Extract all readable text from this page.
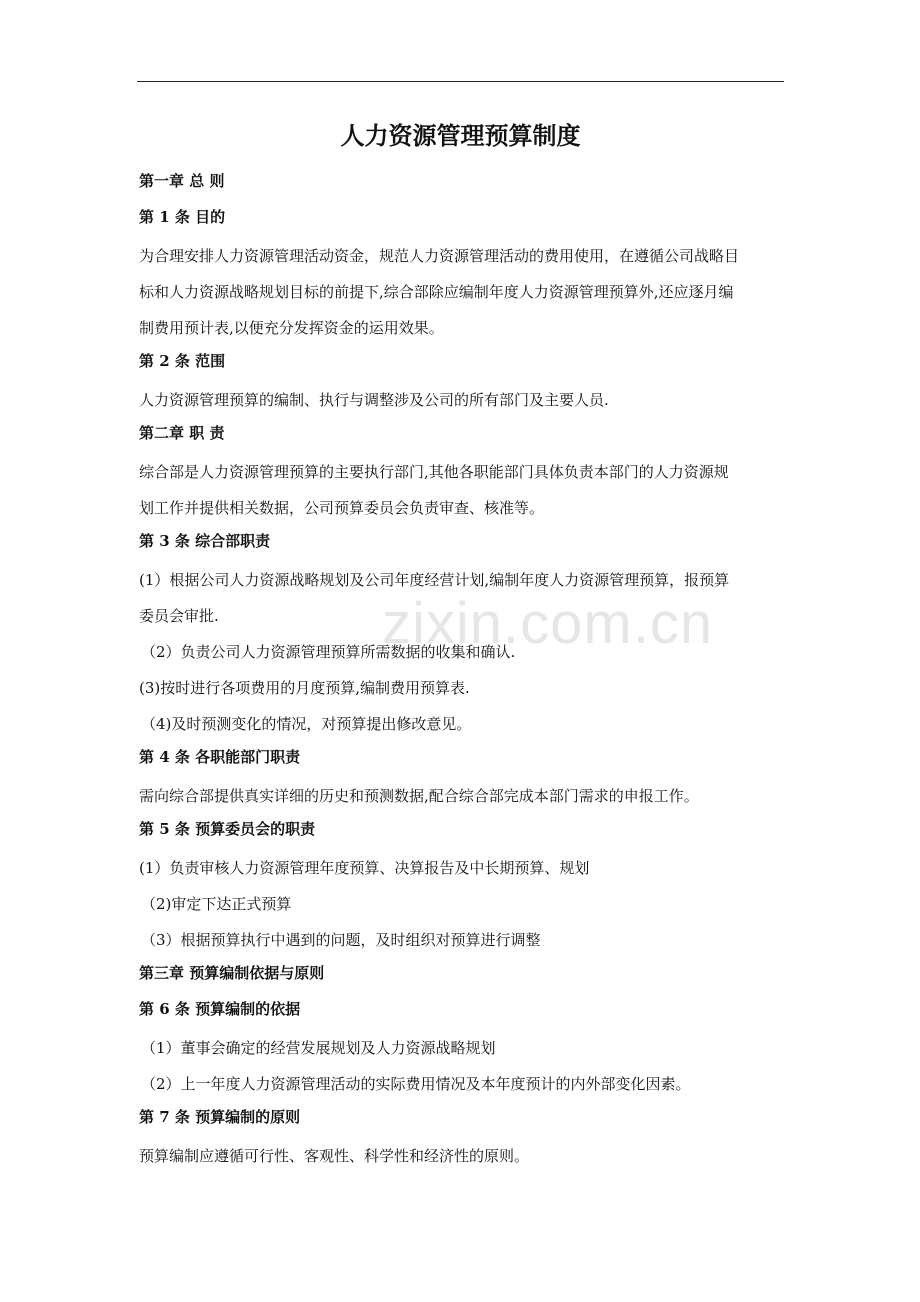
人力资源管理预算制度
第一章 总 则
第 1 条 目的
为合理安排人力资源管理活动资金，规范人力资源管理活动的费用使用，在遵循公司战略目
标和人力资源战略规划目标的前提下,综合部除应编制年度人力资源管理预算外,还应逐月编
制费用预计表,以便充分发挥资金的运用效果。
第 2 条 范围
人力资源管理预算的编制、执行与调整涉及公司的所有部门及主要人员.
第二章 职 责
综合部是人力资源管理预算的主要执行部门,其他各职能部门具体负责本部门的人力资源规
划工作并提供相关数据，公司预算委员会负责审查、核准等。
第 3 条 综合部职责
(1）根据公司人力资源战略规划及公司年度经营计划,编制年度人力资源管理预算，报预算
委员会审批.
（2）负责公司人力资源管理预算所需数据的收集和确认.
(3)按时进行各项费用的月度预算,编制费用预算表.
（4)及时预测变化的情况，对预算提出修改意见。
第 4 条 各职能部门职责
需向综合部提供真实详细的历史和预测数据,配合综合部完成本部门需求的申报工作。
第 5 条 预算委员会的职责
(1）负责审核人力资源管理年度预算、决算报告及中长期预算、规划
（2)审定下达正式预算
（3）根据预算执行中遇到的问题，及时组织对预算进行调整
第三章 预算编制依据与原则
第 6 条 预算编制的依据
（1）董事会确定的经营发展规划及人力资源战略规划
（2）上一年度人力资源管理活动的实际费用情况及本年度预计的内外部变化因素。
第 7 条 预算编制的原则
预算编制应遵循可行性、客观性、科学性和经济性的原则。
zixin.com.cn
